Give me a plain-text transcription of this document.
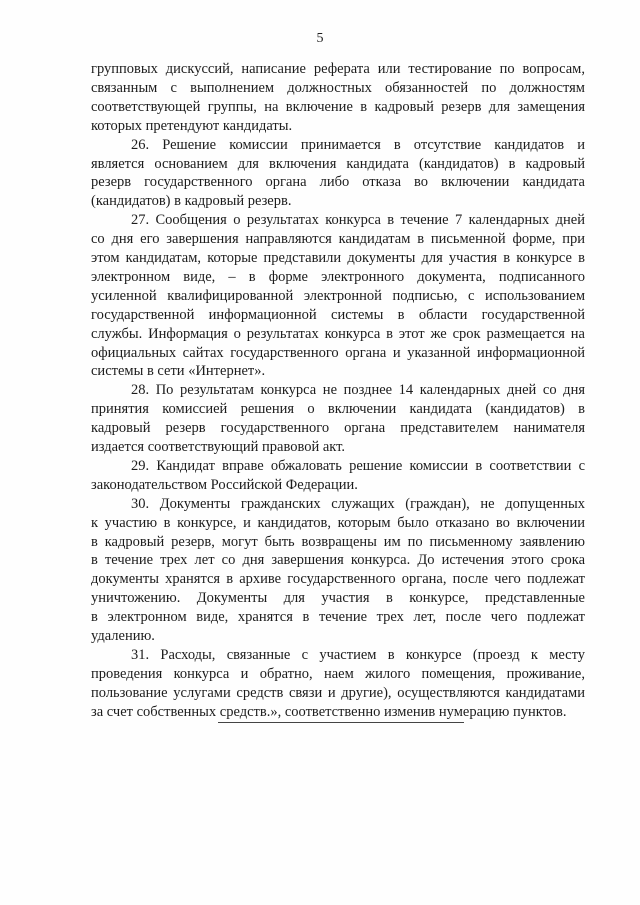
5
групповых дискуссий, написание реферата или тестирование по вопросам,
связанным с выполнением должностных обязанностей по должностям
соответствующей группы, на включение в кадровый резерв для замещения
которых претендуют кандидаты.
26. Решение комиссии принимается в отсутствие кандидатов и
является основанием для включения кандидата (кандидатов) в кадровый
резерв государственного органа либо отказа во включении кандидата
(кандидатов) в кадровый резерв.
27. Сообщения о результатах конкурса в течение 7 календарных дней
со дня его завершения направляются кандидатам в письменной форме, при
этом кандидатам, которые представили документы для участия в конкурсе в
электронном виде, – в форме электронного документа, подписанного
усиленной квалифицированной электронной подписью, с использованием
государственной информационной системы в области государственной
службы. Информация о результатах конкурса в этот же срок размещается на
официальных сайтах государственного органа и указанной информационной
системы в сети «Интернет».
28. По результатам конкурса не позднее 14 календарных дней со дня
принятия комиссией решения о включении кандидата (кандидатов) в
кадровый резерв государственного органа представителем нанимателя
издается соответствующий правовой акт.
29. Кандидат вправе обжаловать решение комиссии в соответствии с
законодательством Российской Федерации.
30. Документы гражданских служащих (граждан), не допущенных
к участию в конкурсе, и кандидатов, которым было отказано во включении
в кадровый резерв, могут быть возвращены им по письменному заявлению
в течение трех лет со дня завершения конкурса. До истечения этого срока
документы хранятся в архиве государственного органа, после чего подлежат
уничтожению. Документы для участия в конкурсе, представленные
в электронном виде, хранятся в течение трех лет, после чего подлежат
удалению.
31. Расходы, связанные с участием в конкурсе (проезд к месту
проведения конкурса и обратно, наем жилого помещения, проживание,
пользование услугами средств связи и другие), осуществляются кандидатами
за счет собственных средств.», соответственно изменив нумерацию пунктов.
